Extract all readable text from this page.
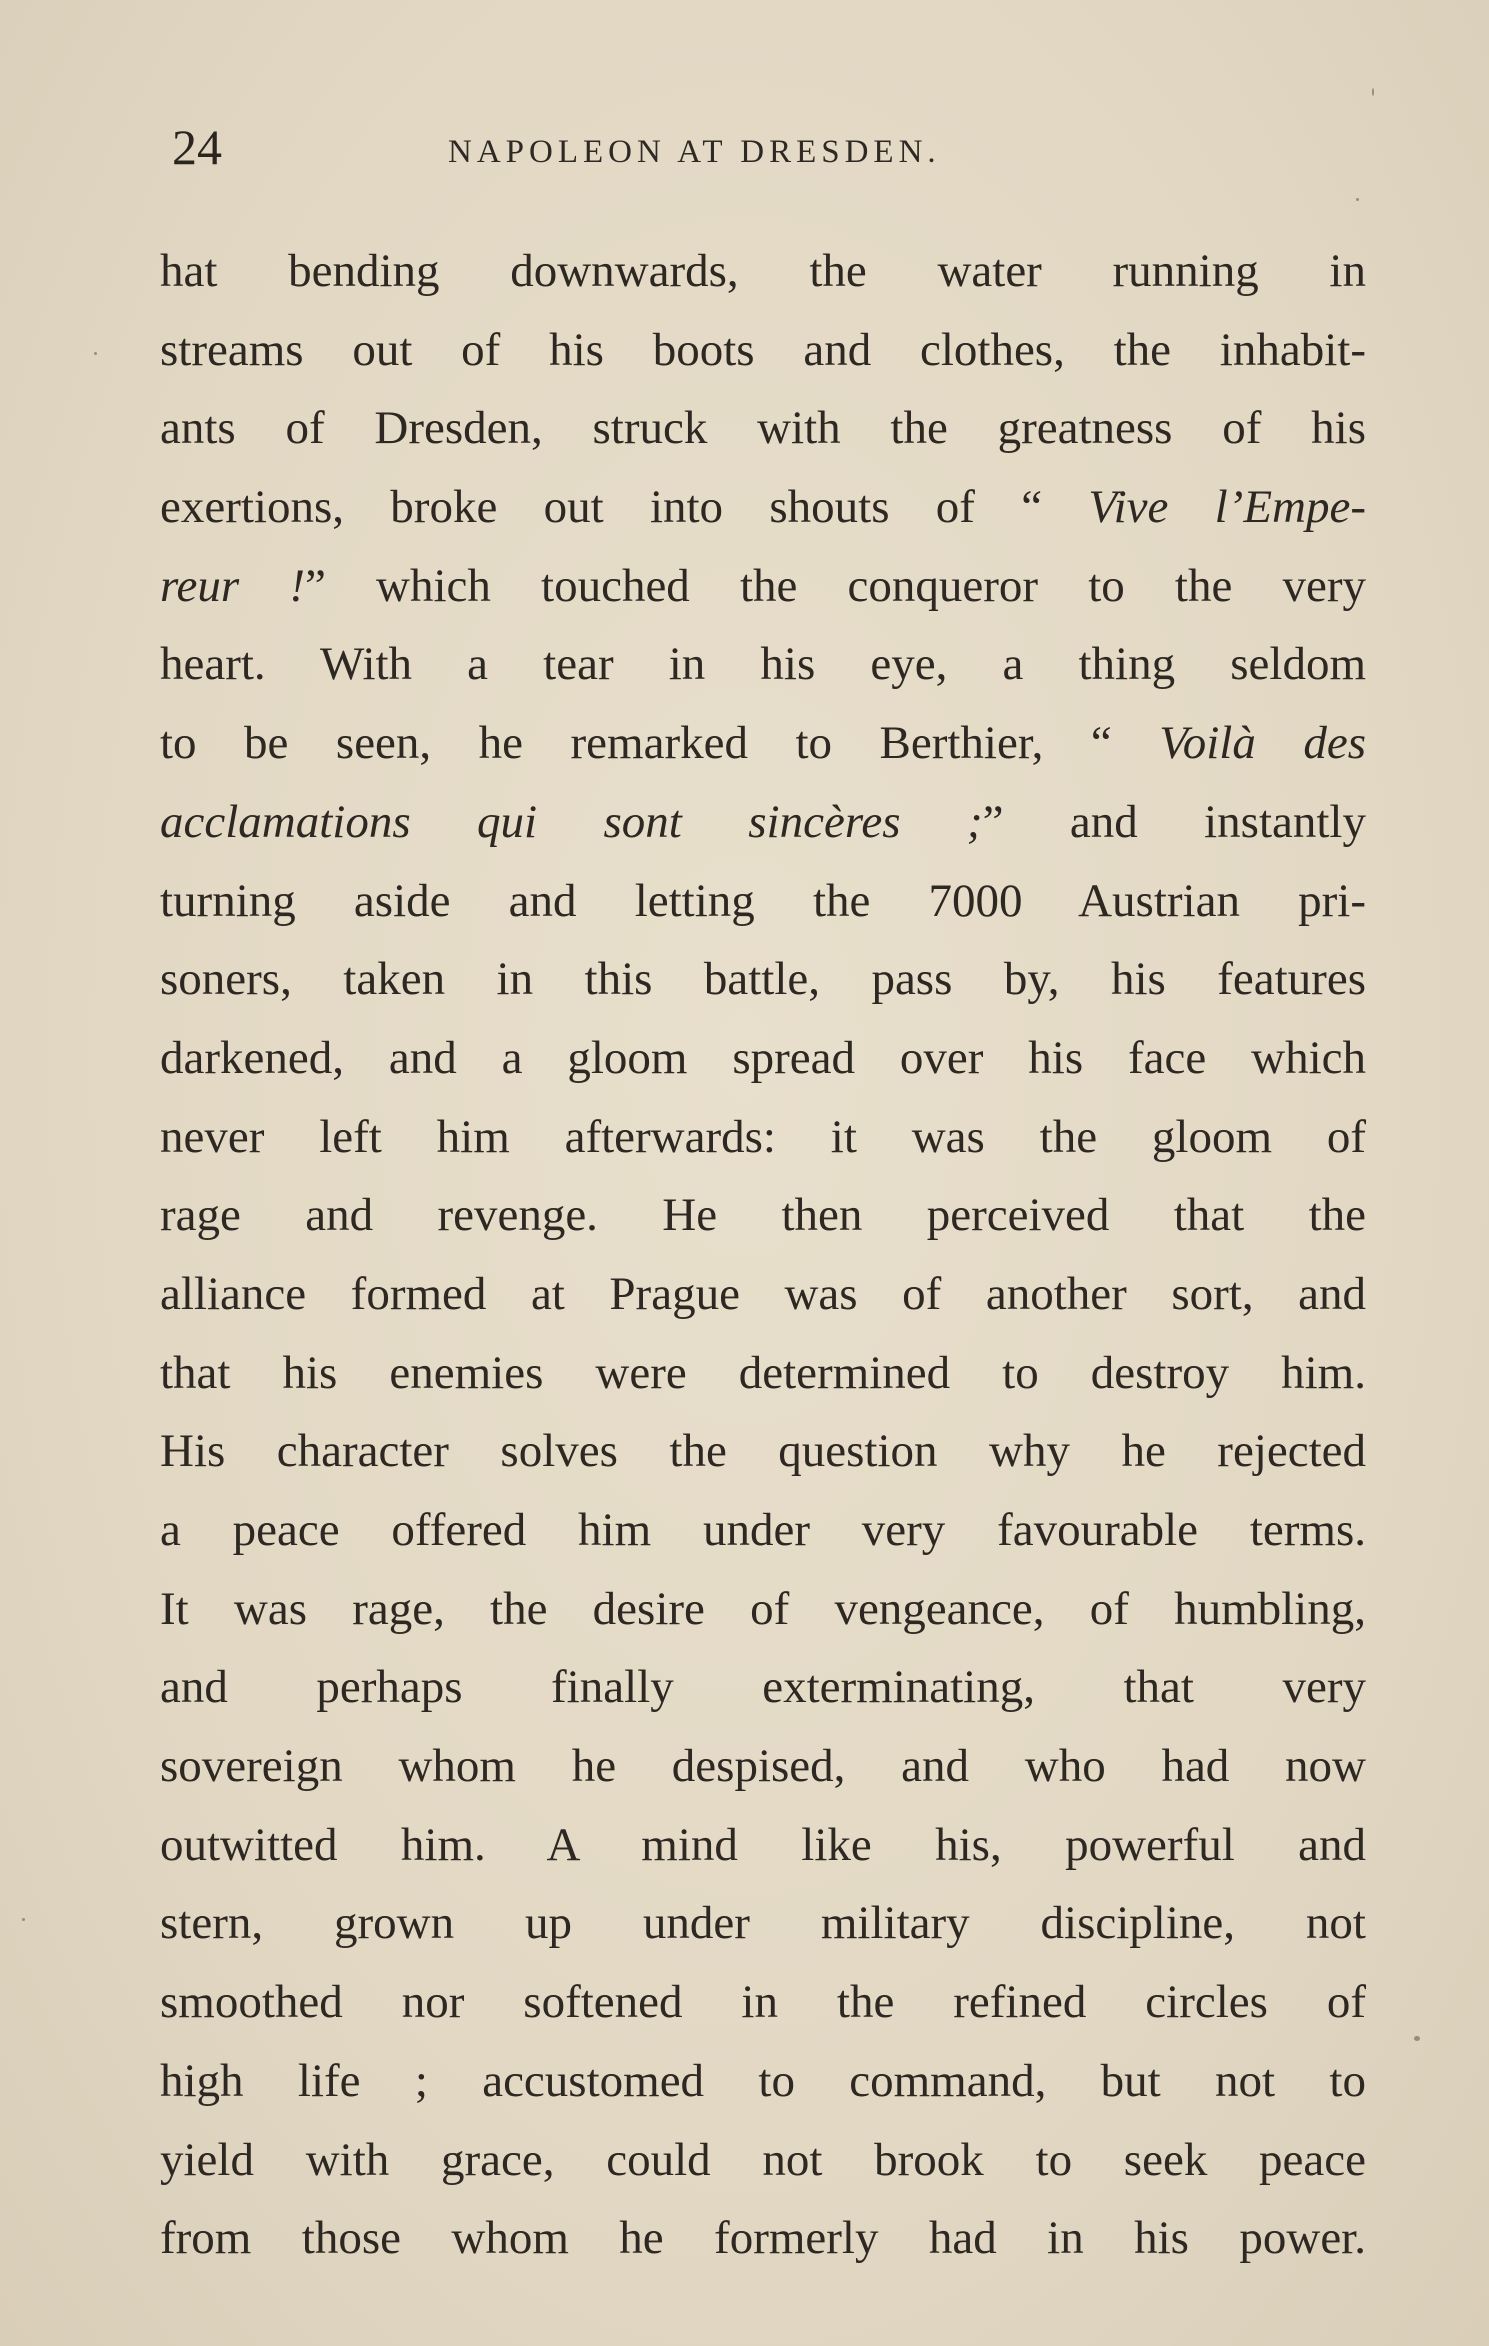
24	NAPOLEON AT DRESDEN.
hat bending downwards, the water running in
streams out of his boots and clothes, the inhabit-
ants of Dresden, struck with the greatness of his
exertions, broke out into shouts of “ Vive l’Empe-
reur !” which touched the conqueror to the very
heart. With a tear in his eye, a thing seldom
to be seen, he remarked to Berthier, “ Voilà des
acclamations qui sont sincères ;” and instantly
turning aside and letting the 7000 Austrian pri-
soners, taken in this battle, pass by, his features
darkened, and a gloom spread over his face which
never left him afterwards: it was the gloom of
rage and revenge. He then perceived that the
alliance formed at Prague was of another sort, and
that his enemies were determined to destroy him.
His character solves the question why he rejected
a peace offered him under very favourable terms.
It was rage, the desire of vengeance, of humbling,
and perhaps finally exterminating, that very
sovereign whom he despised, and who had now
outwitted him. A mind like his, powerful and
stern, grown up under military discipline, not
smoothed nor softened in the refined circles of
high life ; accustomed to command, but not to
yield with grace, could not brook to seek peace
from those whom he formerly had in his power.
